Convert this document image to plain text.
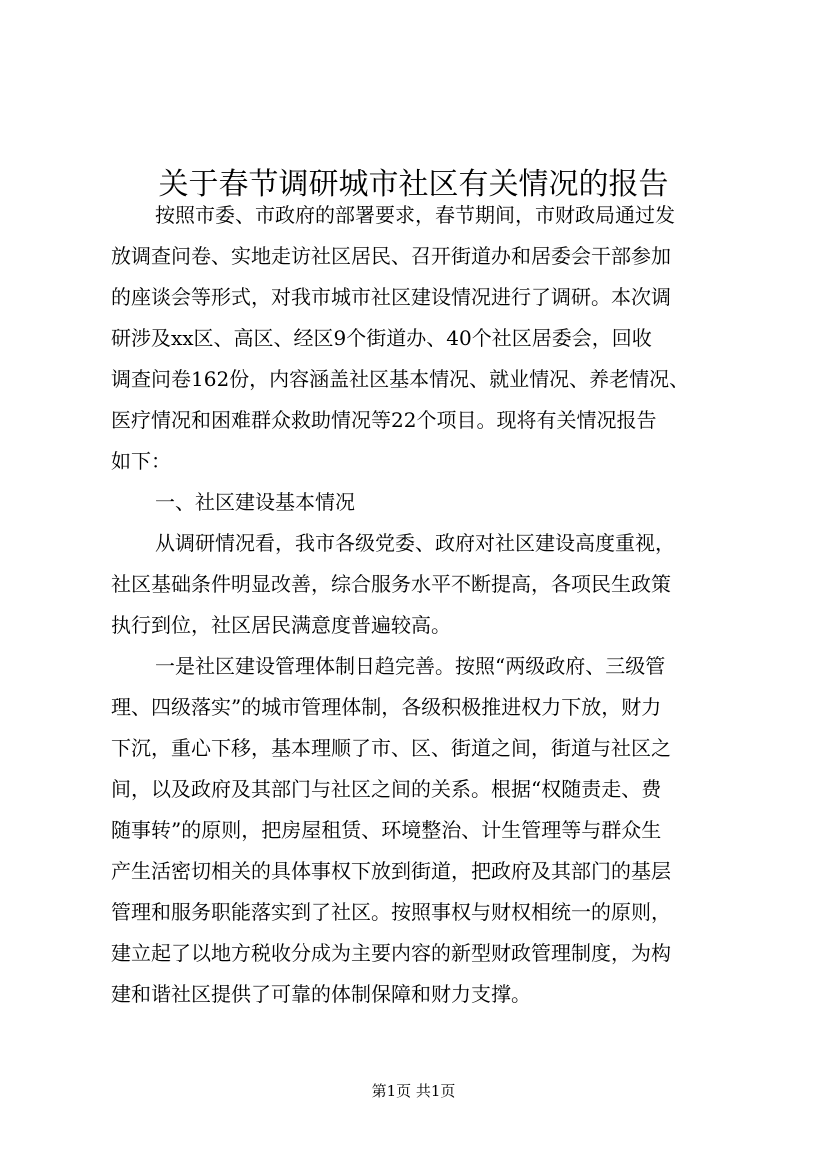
关于春节调研城市社区有关情况的报告
按照市委、市政府的部署要求，春节期间，市财政局通过发
放调查问卷、实地走访社区居民、召开街道办和居委会干部参加
的座谈会等形式，对我市城市社区建设情况进行了调研。本次调
研涉及xx区、高区、经区9个街道办、40个社区居委会，回收
调查问卷162份，内容涵盖社区基本情况、就业情况、养老情况、
医疗情况和困难群众救助情况等22个项目。现将有关情况报告
如下：
一、社区建设基本情况
从调研情况看，我市各级党委、政府对社区建设高度重视，
社区基础条件明显改善，综合服务水平不断提高，各项民生政策
执行到位，社区居民满意度普遍较高。
一是社区建设管理体制日趋完善。按照“两级政府、三级管
理、四级落实”的城市管理体制，各级积极推进权力下放，财力
下沉，重心下移，基本理顺了市、区、街道之间，街道与社区之
间，以及政府及其部门与社区之间的关系。根据“权随责走、费
随事转”的原则，把房屋租赁、环境整治、计生管理等与群众生
产生活密切相关的具体事权下放到街道，把政府及其部门的基层
管理和服务职能落实到了社区。按照事权与财权相统一的原则，
建立起了以地方税收分成为主要内容的新型财政管理制度，为构
建和谐社区提供了可靠的体制保障和财力支撑。
第1页 共1页
